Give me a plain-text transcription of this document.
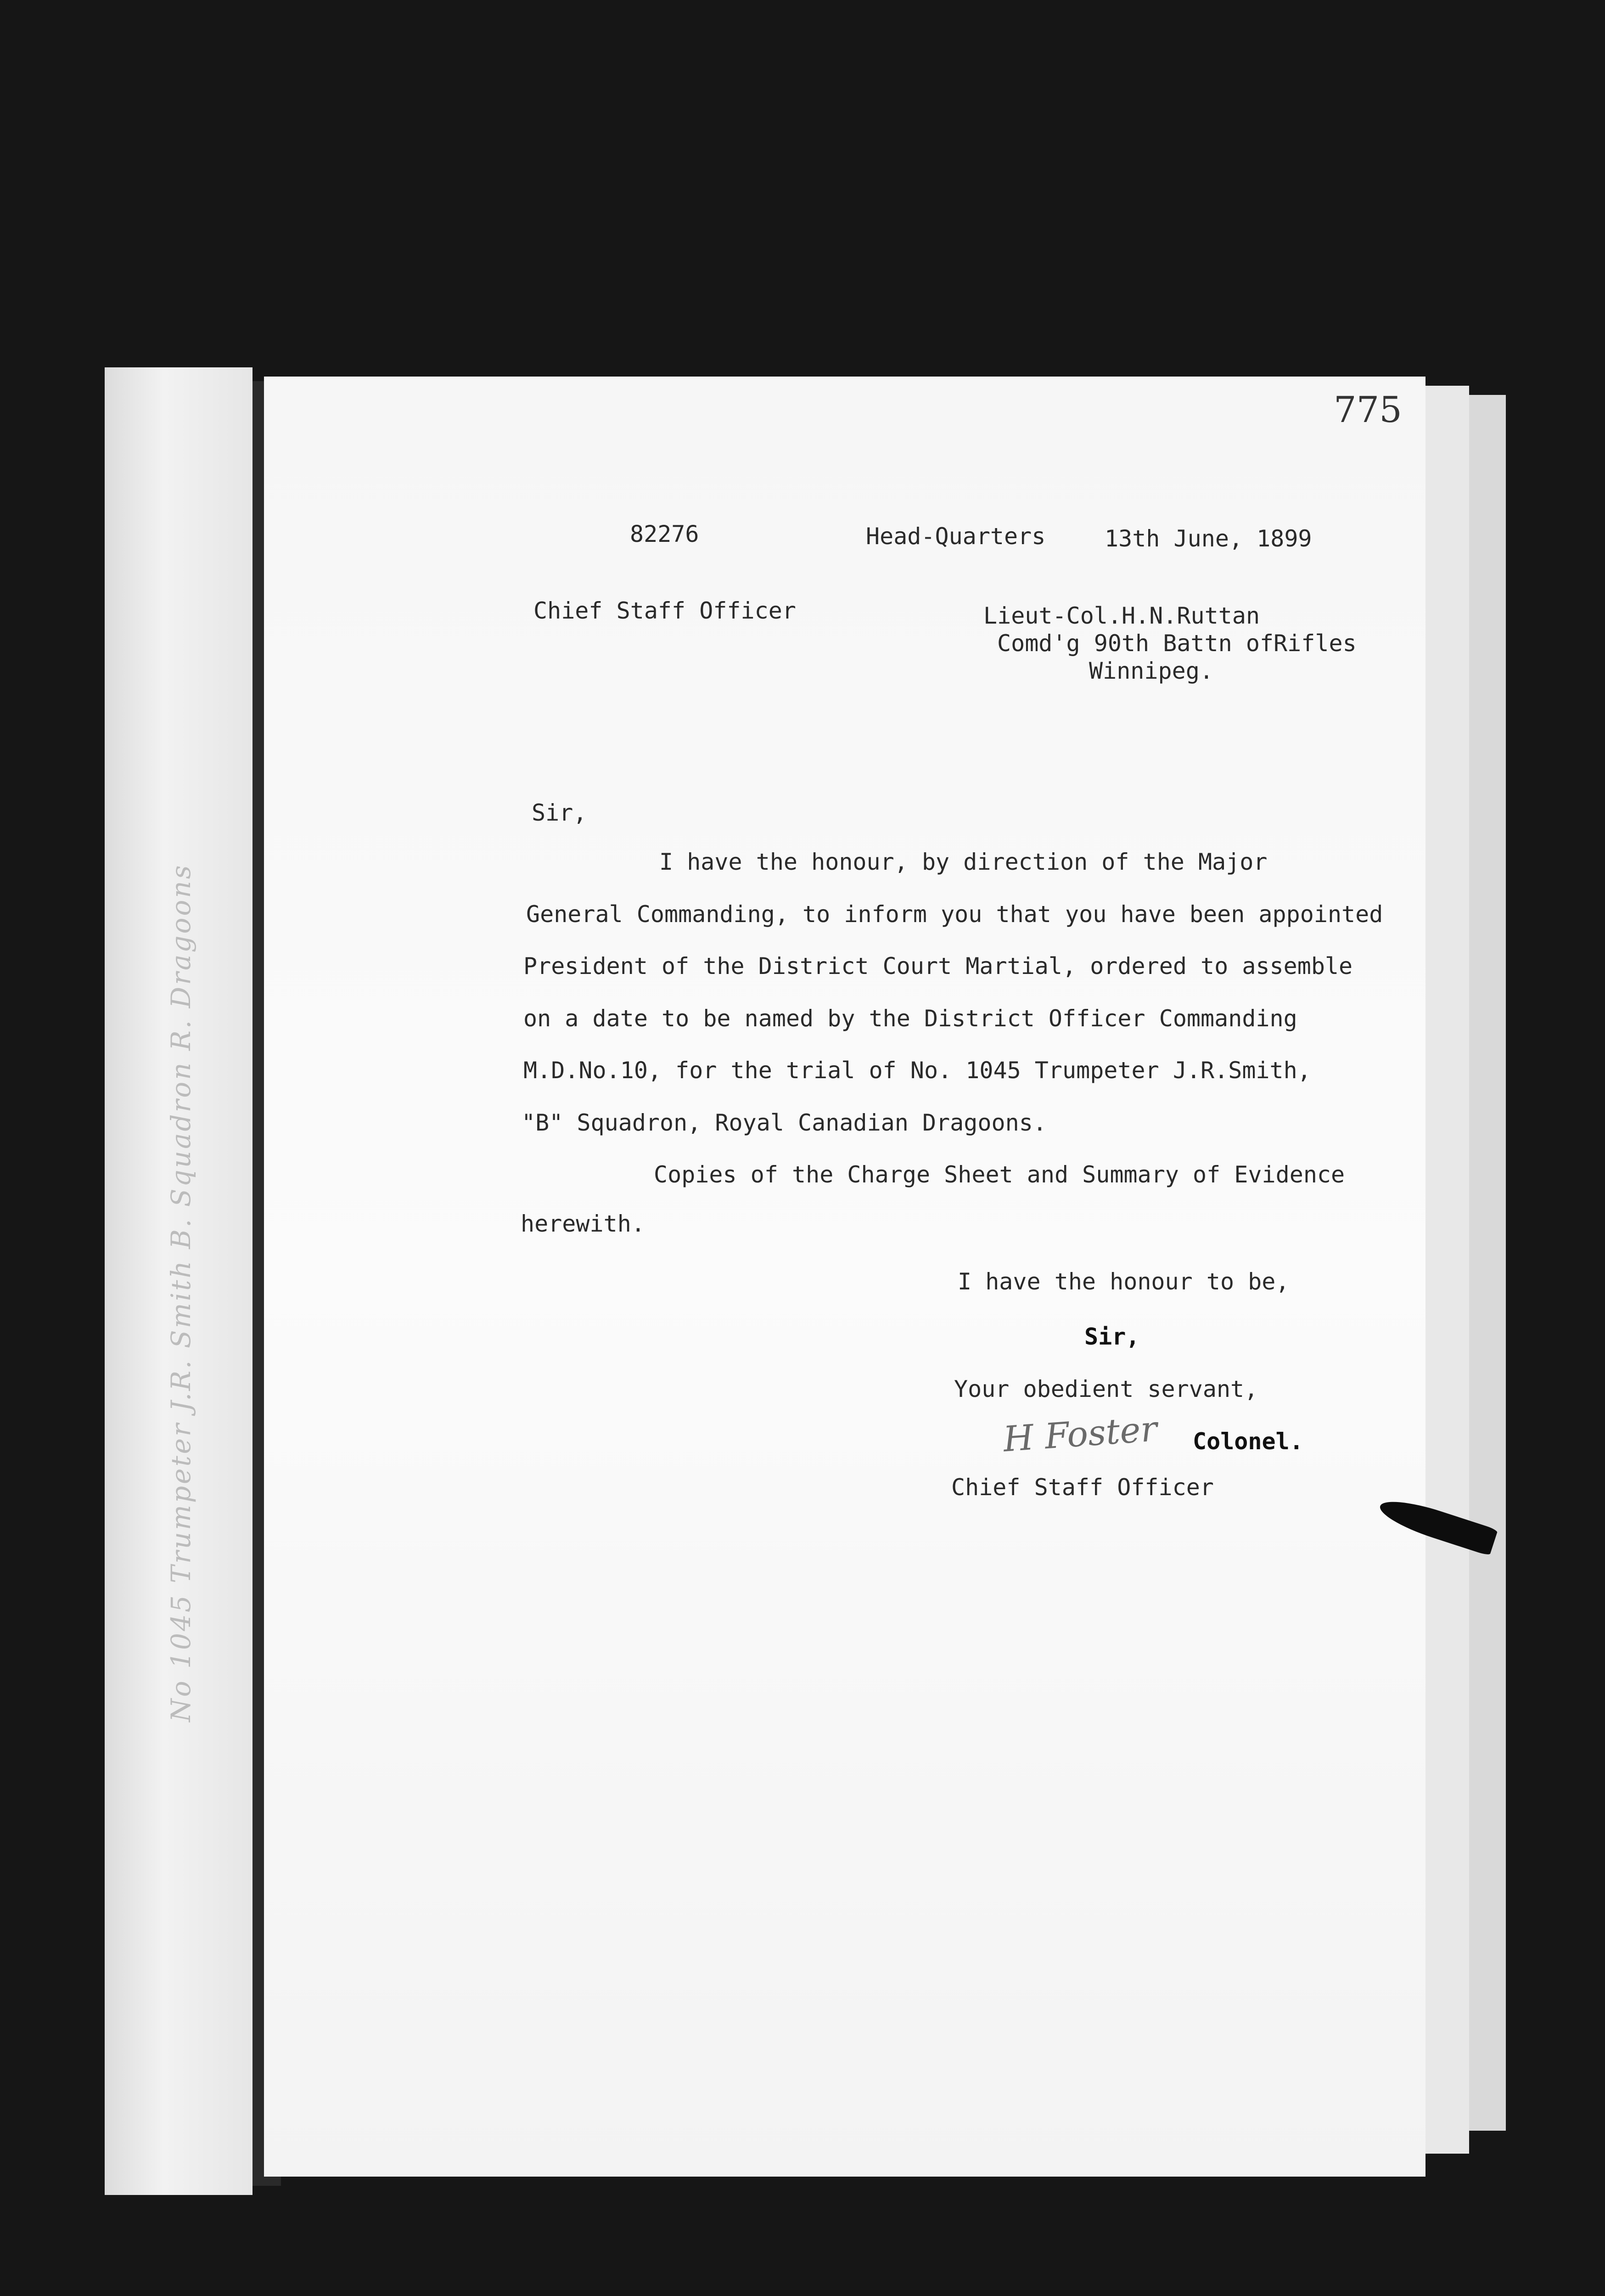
No 1045 Trumpeter J.R. Smith B. Squadron R. Dragoons
775
82276	Head-Quarters	13th June, 1899
Chief Staff Officer	Lieut-Col.H.N.Ruttan
Comd'g 90th Battn ofRifles
Winnipeg.
Sir,
I have the honour, by direction of the Major
General Commanding, to inform you that you have been appointed
President of the District Court Martial, ordered to assemble
on a date to be named by the District Officer Commanding
M.D.No.10, for the trial of No. 1045 Trumpeter J.R.Smith,
"B" Squadron, Royal Canadian Dragoons.
Copies of the Charge Sheet and Summary of Evidence
herewith.
I have the honour to be,
Sir,
Your obedient servant,
H Foster Colonel.
Chief Staff Officer
